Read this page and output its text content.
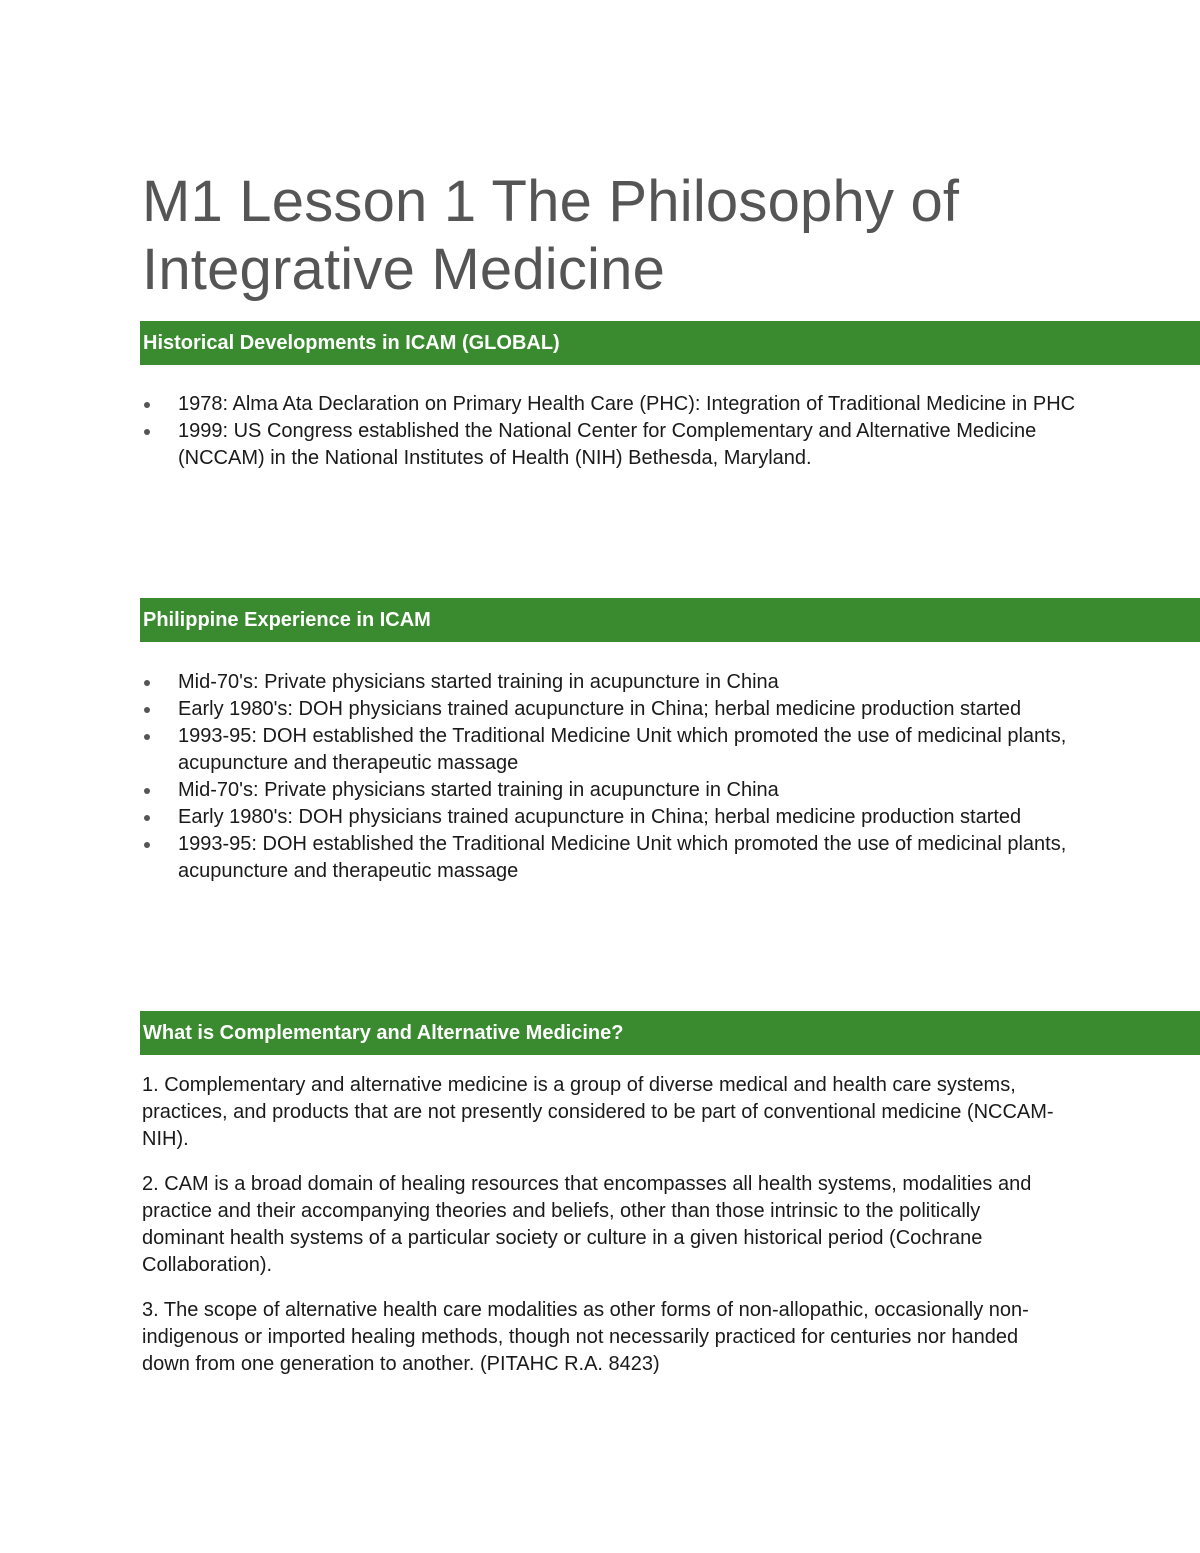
M1 Lesson 1 The Philosophy of Integrative Medicine
Historical Developments in ICAM (GLOBAL)
1978: Alma Ata Declaration on Primary Health Care (PHC): Integration of Traditional Medicine in PHC
1999: US Congress established the National Center for Complementary and Alternative Medicine (NCCAM) in the National Institutes of Health (NIH) Bethesda, Maryland.
Philippine Experience in ICAM
Mid-70's: Private physicians started training in acupuncture in China
Early 1980's: DOH physicians trained acupuncture in China; herbal medicine production started
1993-95: DOH established the Traditional Medicine Unit which promoted the use of medicinal plants, acupuncture and therapeutic massage
Mid-70's: Private physicians started training in acupuncture in China
Early 1980's: DOH physicians trained acupuncture in China; herbal medicine production started
1993-95: DOH established the Traditional Medicine Unit which promoted the use of medicinal plants, acupuncture and therapeutic massage
What is Complementary and Alternative Medicine?

1. Complementary and alternative medicine is a group of diverse medical and health care systems, practices, and products that are not presently considered to be part of conventional medicine (NCCAM-NIH).

2. CAM is a broad domain of healing resources that encompasses all health systems, modalities and practice and their accompanying theories and beliefs, other than those intrinsic to the politically dominant health systems of a particular society or culture in a given historical period (Cochrane Collaboration).

3. The scope of alternative health care modalities as other forms of non-allopathic, occasionally non-indigenous or imported healing methods, though not necessarily practiced for centuries nor handed down from one generation to another. (PITAHC R.A. 8423)
